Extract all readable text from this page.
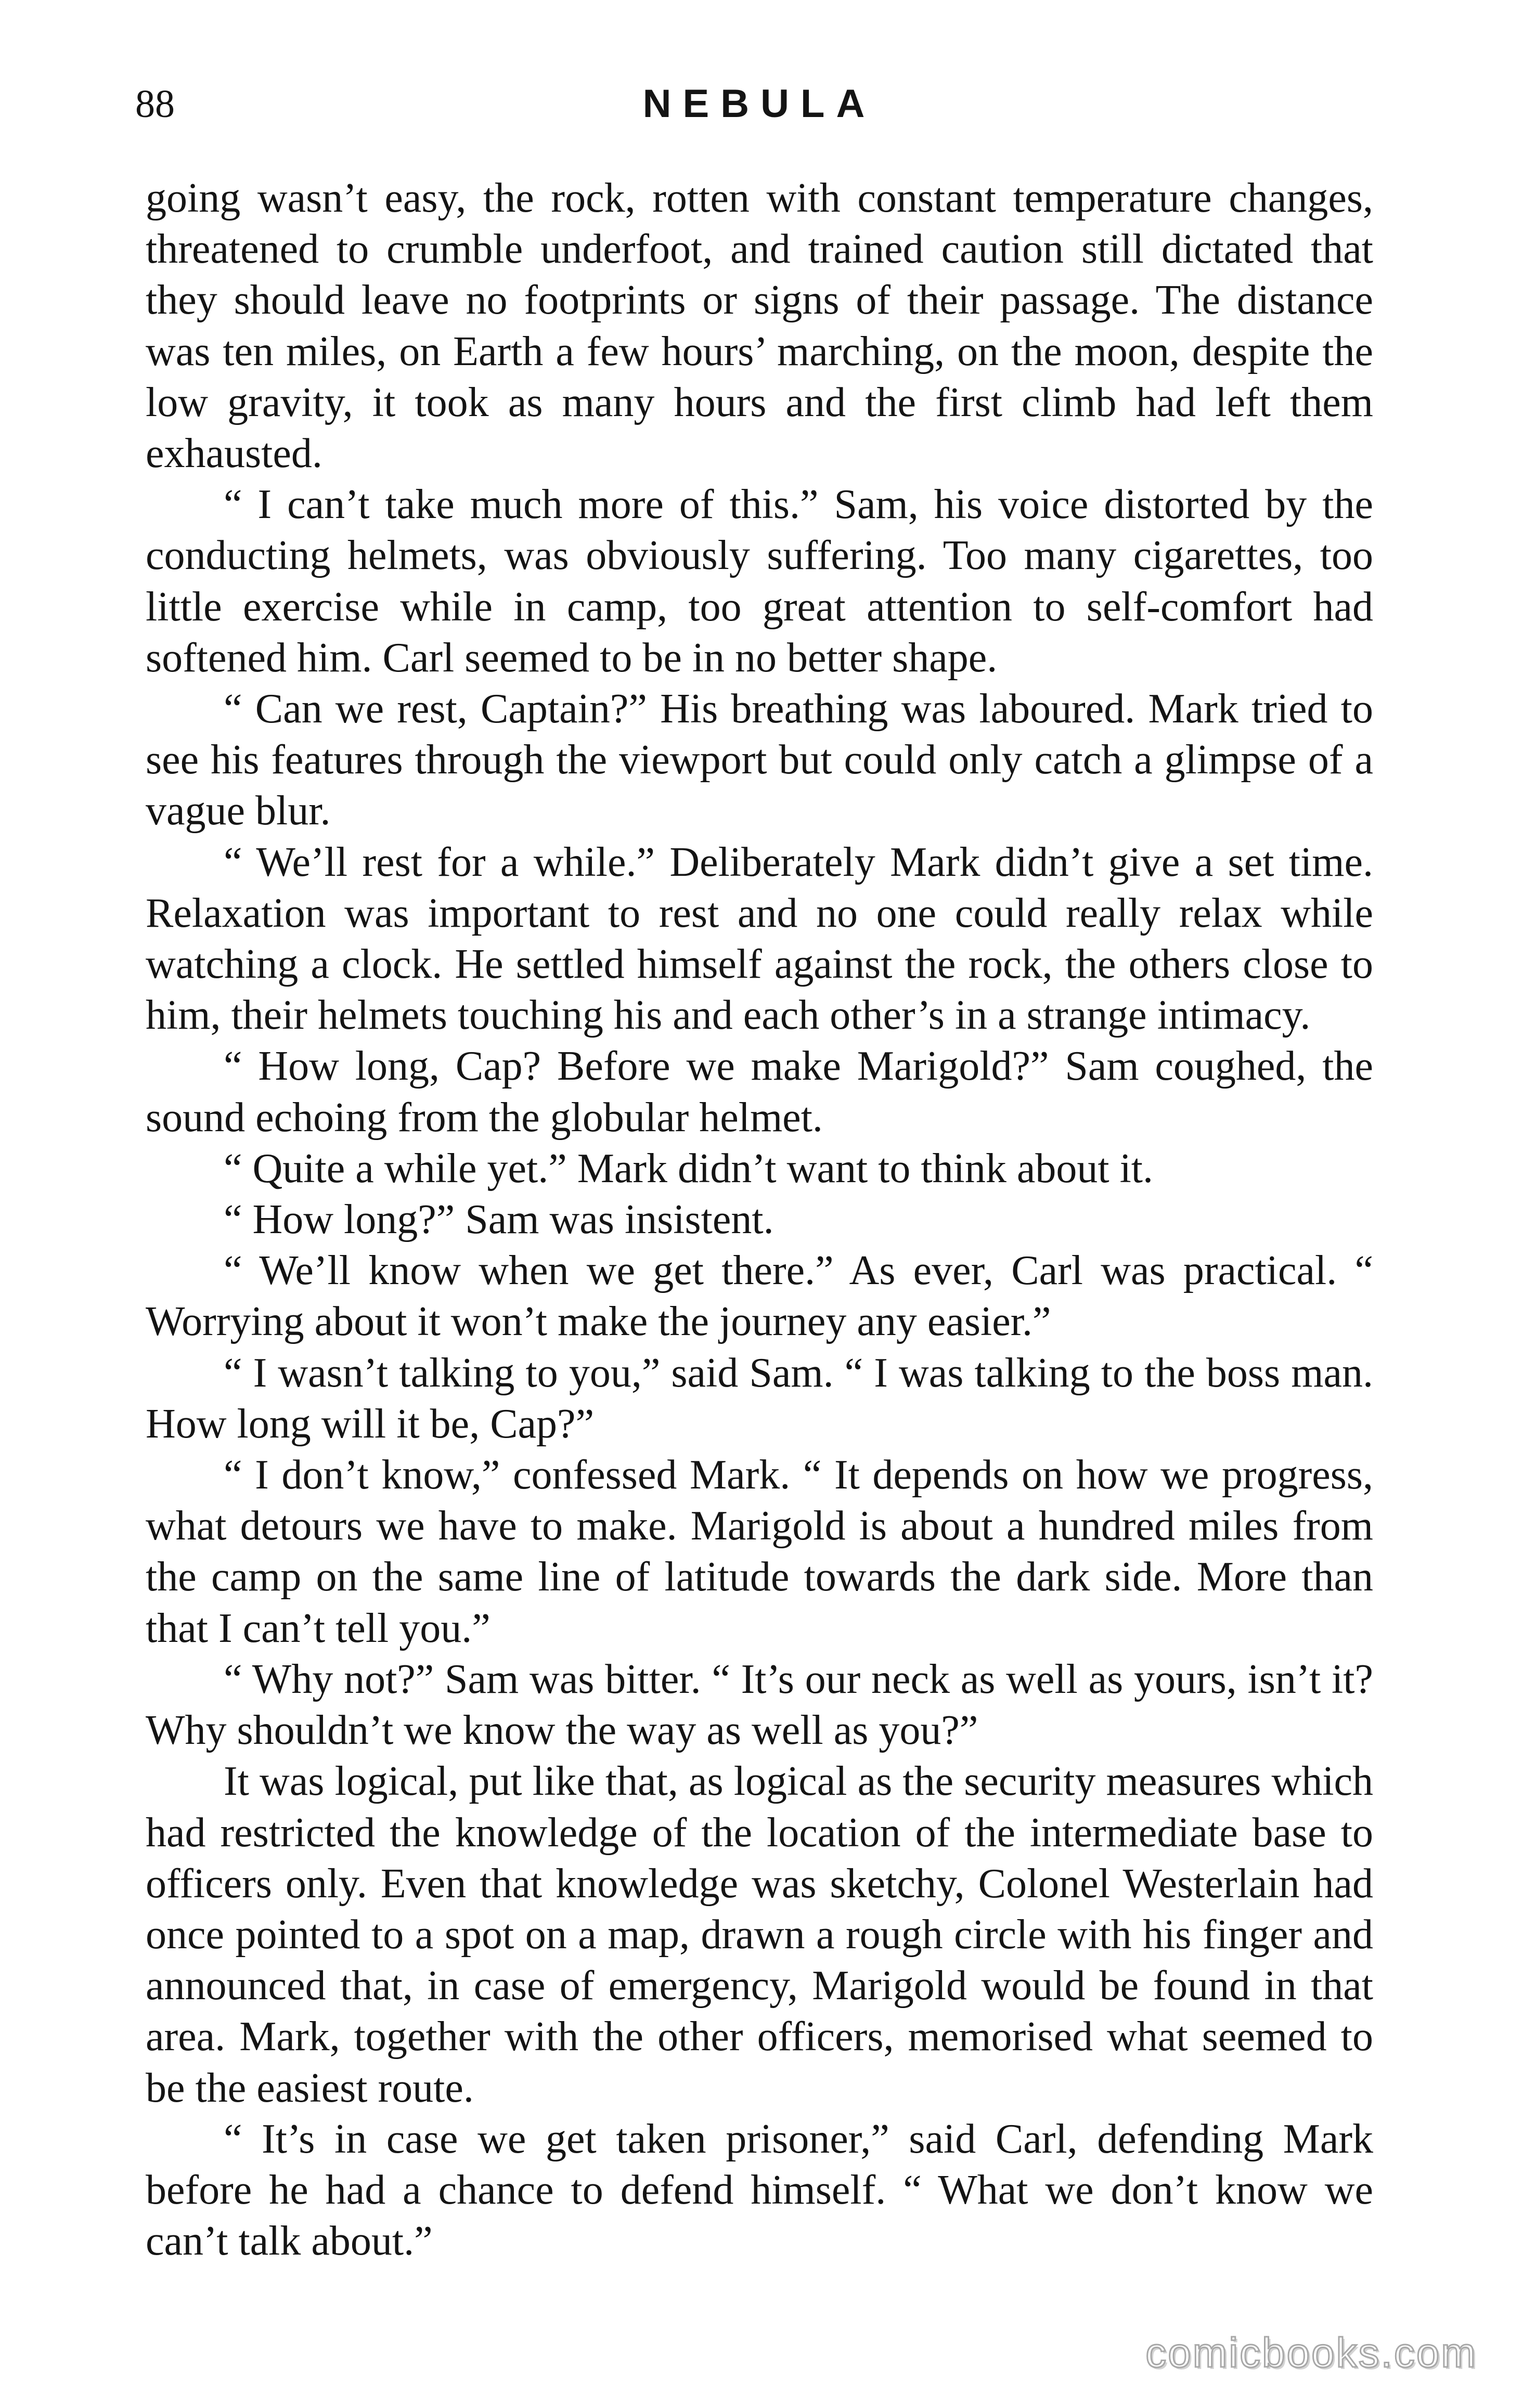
88	NEBULA

going wasn’t easy, the rock, rotten with constant temperature changes, threatened to crumble underfoot, and trained caution still dictated that they should leave no footprints or signs of their passage. The distance was ten miles, on Earth a few hours’ marching, on the moon, despite the low gravity, it took as many hours and the first climb had left them exhausted.

“ I can’t take much more of this.” Sam, his voice distorted by the conducting helmets, was obviously suffering. Too many cigarettes, too little exercise while in camp, too great attention to self-comfort had softened him. Carl seemed to be in no better shape.

“ Can we rest, Captain?” His breathing was laboured. Mark tried to see his features through the viewport but could only catch a glimpse of a vague blur.

“ We’ll rest for a while.” Deliberately Mark didn’t give a set time. Relaxation was important to rest and no one could really relax while watching a clock. He settled himself against the rock, the others close to him, their helmets touching his and each other’s in a strange intimacy.

“ How long, Cap? Before we make Marigold?” Sam coughed, the sound echoing from the globular helmet.

“ Quite a while yet.” Mark didn’t want to think about it.

“ How long?” Sam was insistent.

“ We’ll know when we get there.” As ever, Carl was practical. “ Worrying about it won’t make the journey any easier.”

“ I wasn’t talking to you,” said Sam. “ I was talking to the boss man. How long will it be, Cap?”

“ I don’t know,” confessed Mark. “ It depends on how we progress, what detours we have to make. Marigold is about a hundred miles from the camp on the same line of latitude towards the dark side. More than that I can’t tell you.”

“ Why not?” Sam was bitter. “ It’s our neck as well as yours, isn’t it? Why shouldn’t we know the way as well as you?”

It was logical, put like that, as logical as the security measures which had restricted the knowledge of the location of the intermediate base to officers only. Even that knowledge was sketchy, Colonel Westerlain had once pointed to a spot on a map, drawn a rough circle with his finger and announced that, in case of emergency, Marigold would be found in that area. Mark, together with the other officers, memorised what seemed to be the easiest route.

“ It’s in case we get taken prisoner,” said Carl, defending Mark before he had a chance to defend himself. “ What we don’t know we can’t talk about.”

comicbooks.com
